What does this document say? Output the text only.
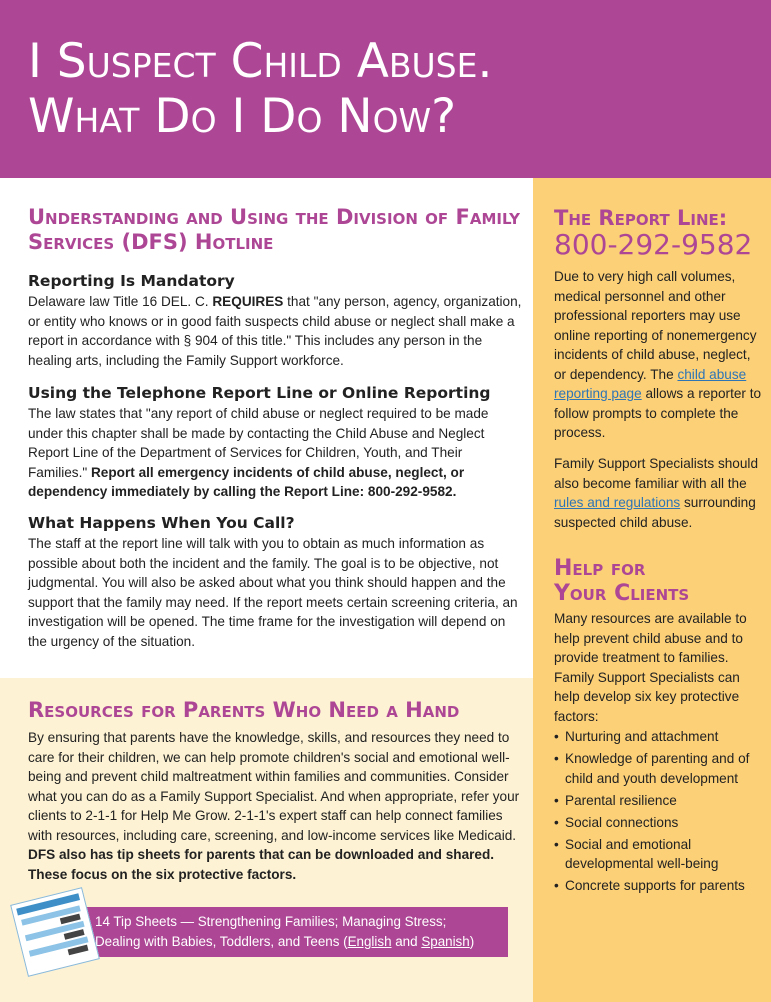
I Suspect Child Abuse.
What Do I Do Now?
Understanding and Using the Division of Family Services (DFS) Hotline
Reporting Is Mandatory

Delaware law Title 16 DEL. C. REQUIRES that "any person, agency, organization, or entity who knows or in good faith suspects child abuse or neglect shall make a report in accordance with § 904 of this title." This includes any person in the healing arts, including the Family Support workforce.

Using the Telephone Report Line or Online Reporting

The law states that "any report of child abuse or neglect required to be made under this chapter shall be made by contacting the Child Abuse and Neglect Report Line of the Department of Services for Children, Youth, and Their Families." Report all emergency incidents of child abuse, neglect, or dependency immediately by calling the Report Line: 800-292-9582.

What Happens When You Call?

The staff at the report line will talk with you to obtain as much information as possible about both the incident and the family. The goal is to be objective, not judgmental. You will also be asked about what you think should happen and the support that the family may need. If the report meets certain screening criteria, an investigation will be opened. The time frame for the investigation will depend on the urgency of the situation.

The Report Line:
800-292-9582

Due to very high call volumes, medical personnel and other professional reporters may use online reporting of nonemergency incidents of child abuse, neglect, or dependency. The child abuse reporting page allows a reporter to follow prompts to complete the process.

Family Support Specialists should also become familiar with all the rules and regulations surrounding suspected child abuse.

Help for
Your Clients

Many resources are available to help prevent child abuse and to provide treatment to families. Family Support Specialists can help develop six key protective factors:

• Nurturing and attachment
• Knowledge of parenting and of child and youth development
• Parental resilience
• Social connections
• Social and emotional developmental well-being
• Concrete supports for parents
Resources for Parents Who Need a Hand

By ensuring that parents have the knowledge, skills, and resources they need to care for their children, we can help promote children's social and emotional well-being and prevent child maltreatment within families and communities. Consider what you can do as a Family Support Specialist. And when appropriate, refer your clients to 2-1-1 for Help Me Grow. 2-1-1's expert staff can help connect families with resources, including care, screening, and low-income services like Medicaid. DFS also has tip sheets for parents that can be downloaded and shared. These focus on the six protective factors.

14 Tip Sheets — Strengthening Families; Managing Stress;
Dealing with Babies, Toddlers, and Teens (English and Spanish)
